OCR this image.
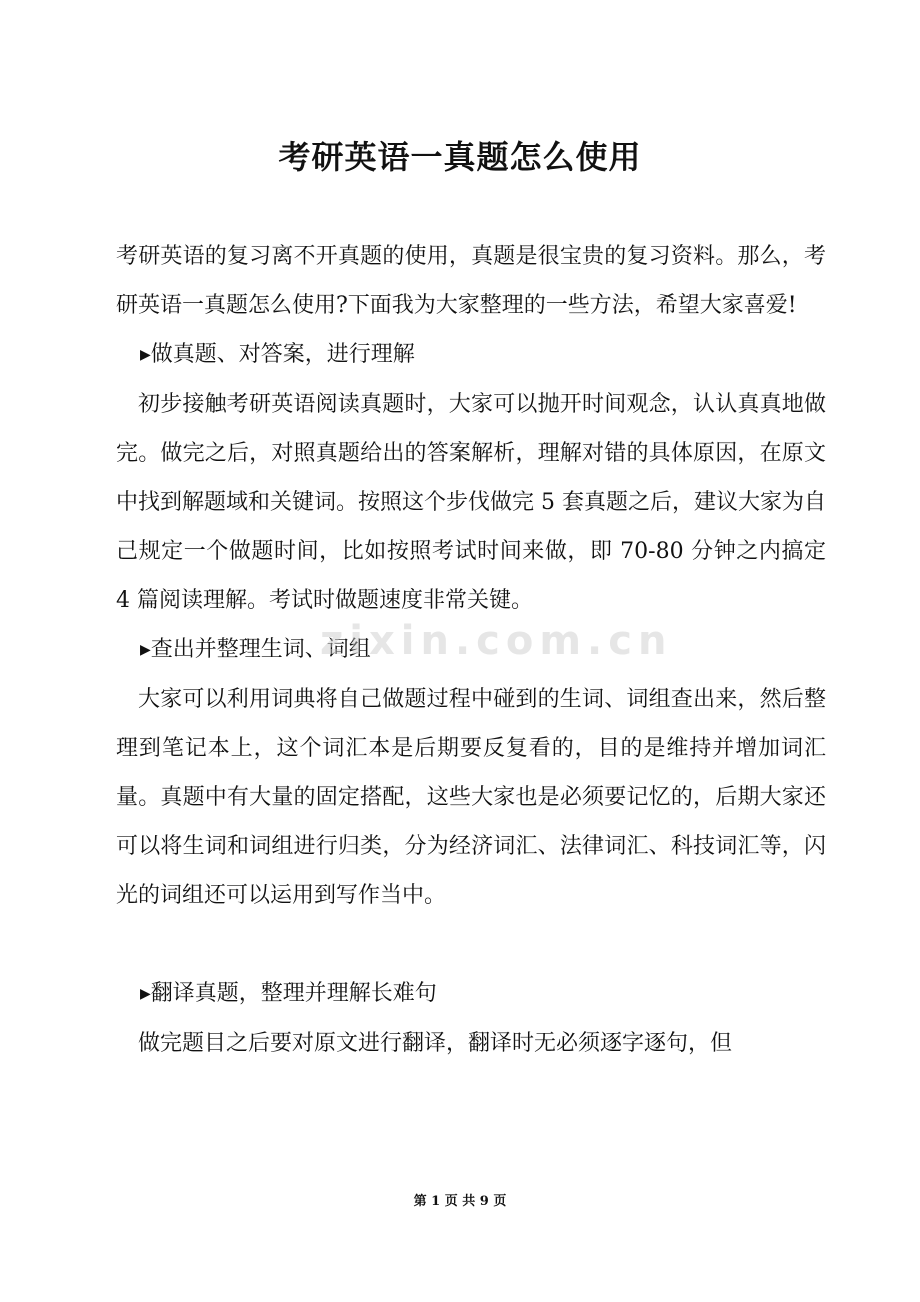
考研英语一真题怎么使用

考研英语的复习离不开真题的使用，真题是很宝贵的复习资料。那么，考研英语一真题怎么使用?下面我为大家整理的一些方法，希望大家喜爱!

▶做真题、对答案，进行理解

初步接触考研英语阅读真题时，大家可以抛开时间观念，认认真真地做完。做完之后，对照真题给出的答案解析，理解对错的具体原因，在原文中找到解题域和关键词。按照这个步伐做完 5 套真题之后，建议大家为自己规定一个做题时间，比如按照考试时间来做，即 70-80 分钟之内搞定 4 篇阅读理解。考试时做题速度非常关键。

▶查出并整理生词、词组

大家可以利用词典将自己做题过程中碰到的生词、词组查出来，然后整理到笔记本上，这个词汇本是后期要反复看的，目的是维持并增加词汇量。真题中有大量的固定搭配，这些大家也是必须要记忆的，后期大家还可以将生词和词组进行归类，分为经济词汇、法律词汇、科技词汇等，闪光的词组还可以运用到写作当中。

▶翻译真题，整理并理解长难句

做完题目之后要对原文进行翻译，翻译时无必须逐字逐句，但

zixin.com.cn
第 1 页 共 9 页
